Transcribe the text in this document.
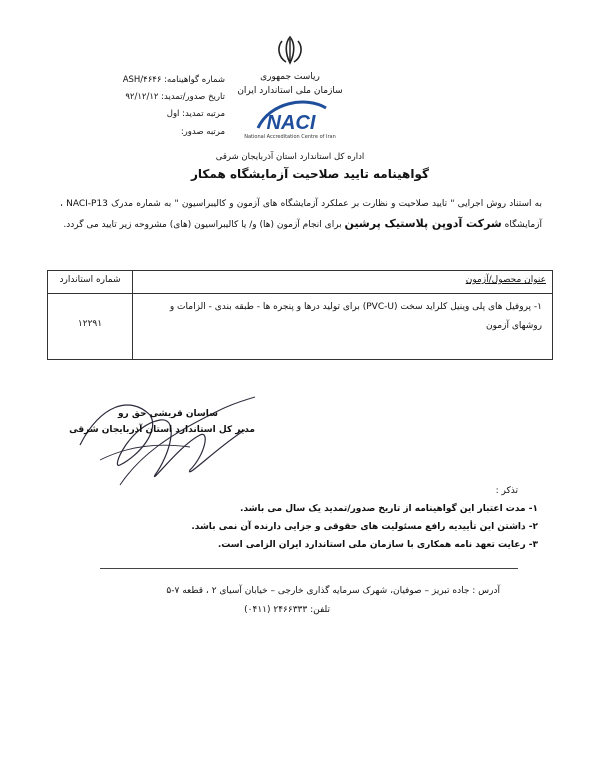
ریاست جمهوری
سازمان ملی استاندارد ایران
NACI
National Accreditation Centre of Iran
اداره کل استاندارد استان آذربایجان شرقی
شماره گواهینامه: ASH/۴۶۴۶
تاریخ صدور/تمدید: ۹۲/۱۲/۱۲
مرتبه تمدید: اول
مرتبه صدور:
گواهینامه تایید صلاحیت آزمایشگاه همکار
به استناد روش اجرایی " تایید صلاحیت و نظارت بر عملکرد آزمایشگاه های آزمون و کالیبراسیون " به شماره مدرک NACI-P13 ، آزمایشگاه شرکت آدوپن پلاستیک پرشین برای انجام آزمون (ها) و/ یا کالیبراسیون (های) مشروحه زیر تایید می گردد.
عنوان محصول/آزمون
شماره استاندارد
۱- پروفیل های پلی وینیل کلراید سخت (PVC-U) برای تولید درها و پنجره ها - طبقه بندی - الزامات و روشهای آزمون
۱۲۲۹۱
ساسان قریشی حق رو
مدیر کل استاندارد استان آذربایجان شرقی
تذکر :
۱- مدت اعتبار این گواهینامه از تاریخ صدور/تمدید یک سال می باشد.
۲- داشتن این تأییدیه رافع مسئولیت های حقوقی و جزایی دارنده آن نمی باشد.
۳- رعایت تعهد نامه همکاری با سازمان ملی استاندارد ایران الزامی است.
آدرس : جاده تبریز – صوفیان، شهرک سرمایه گذاری خارجی – خیابان آسیای ۲ ، قطعه ۷-۵
تلفن: ۲۴۶۶۳۳۳ (۰۴۱۱)
